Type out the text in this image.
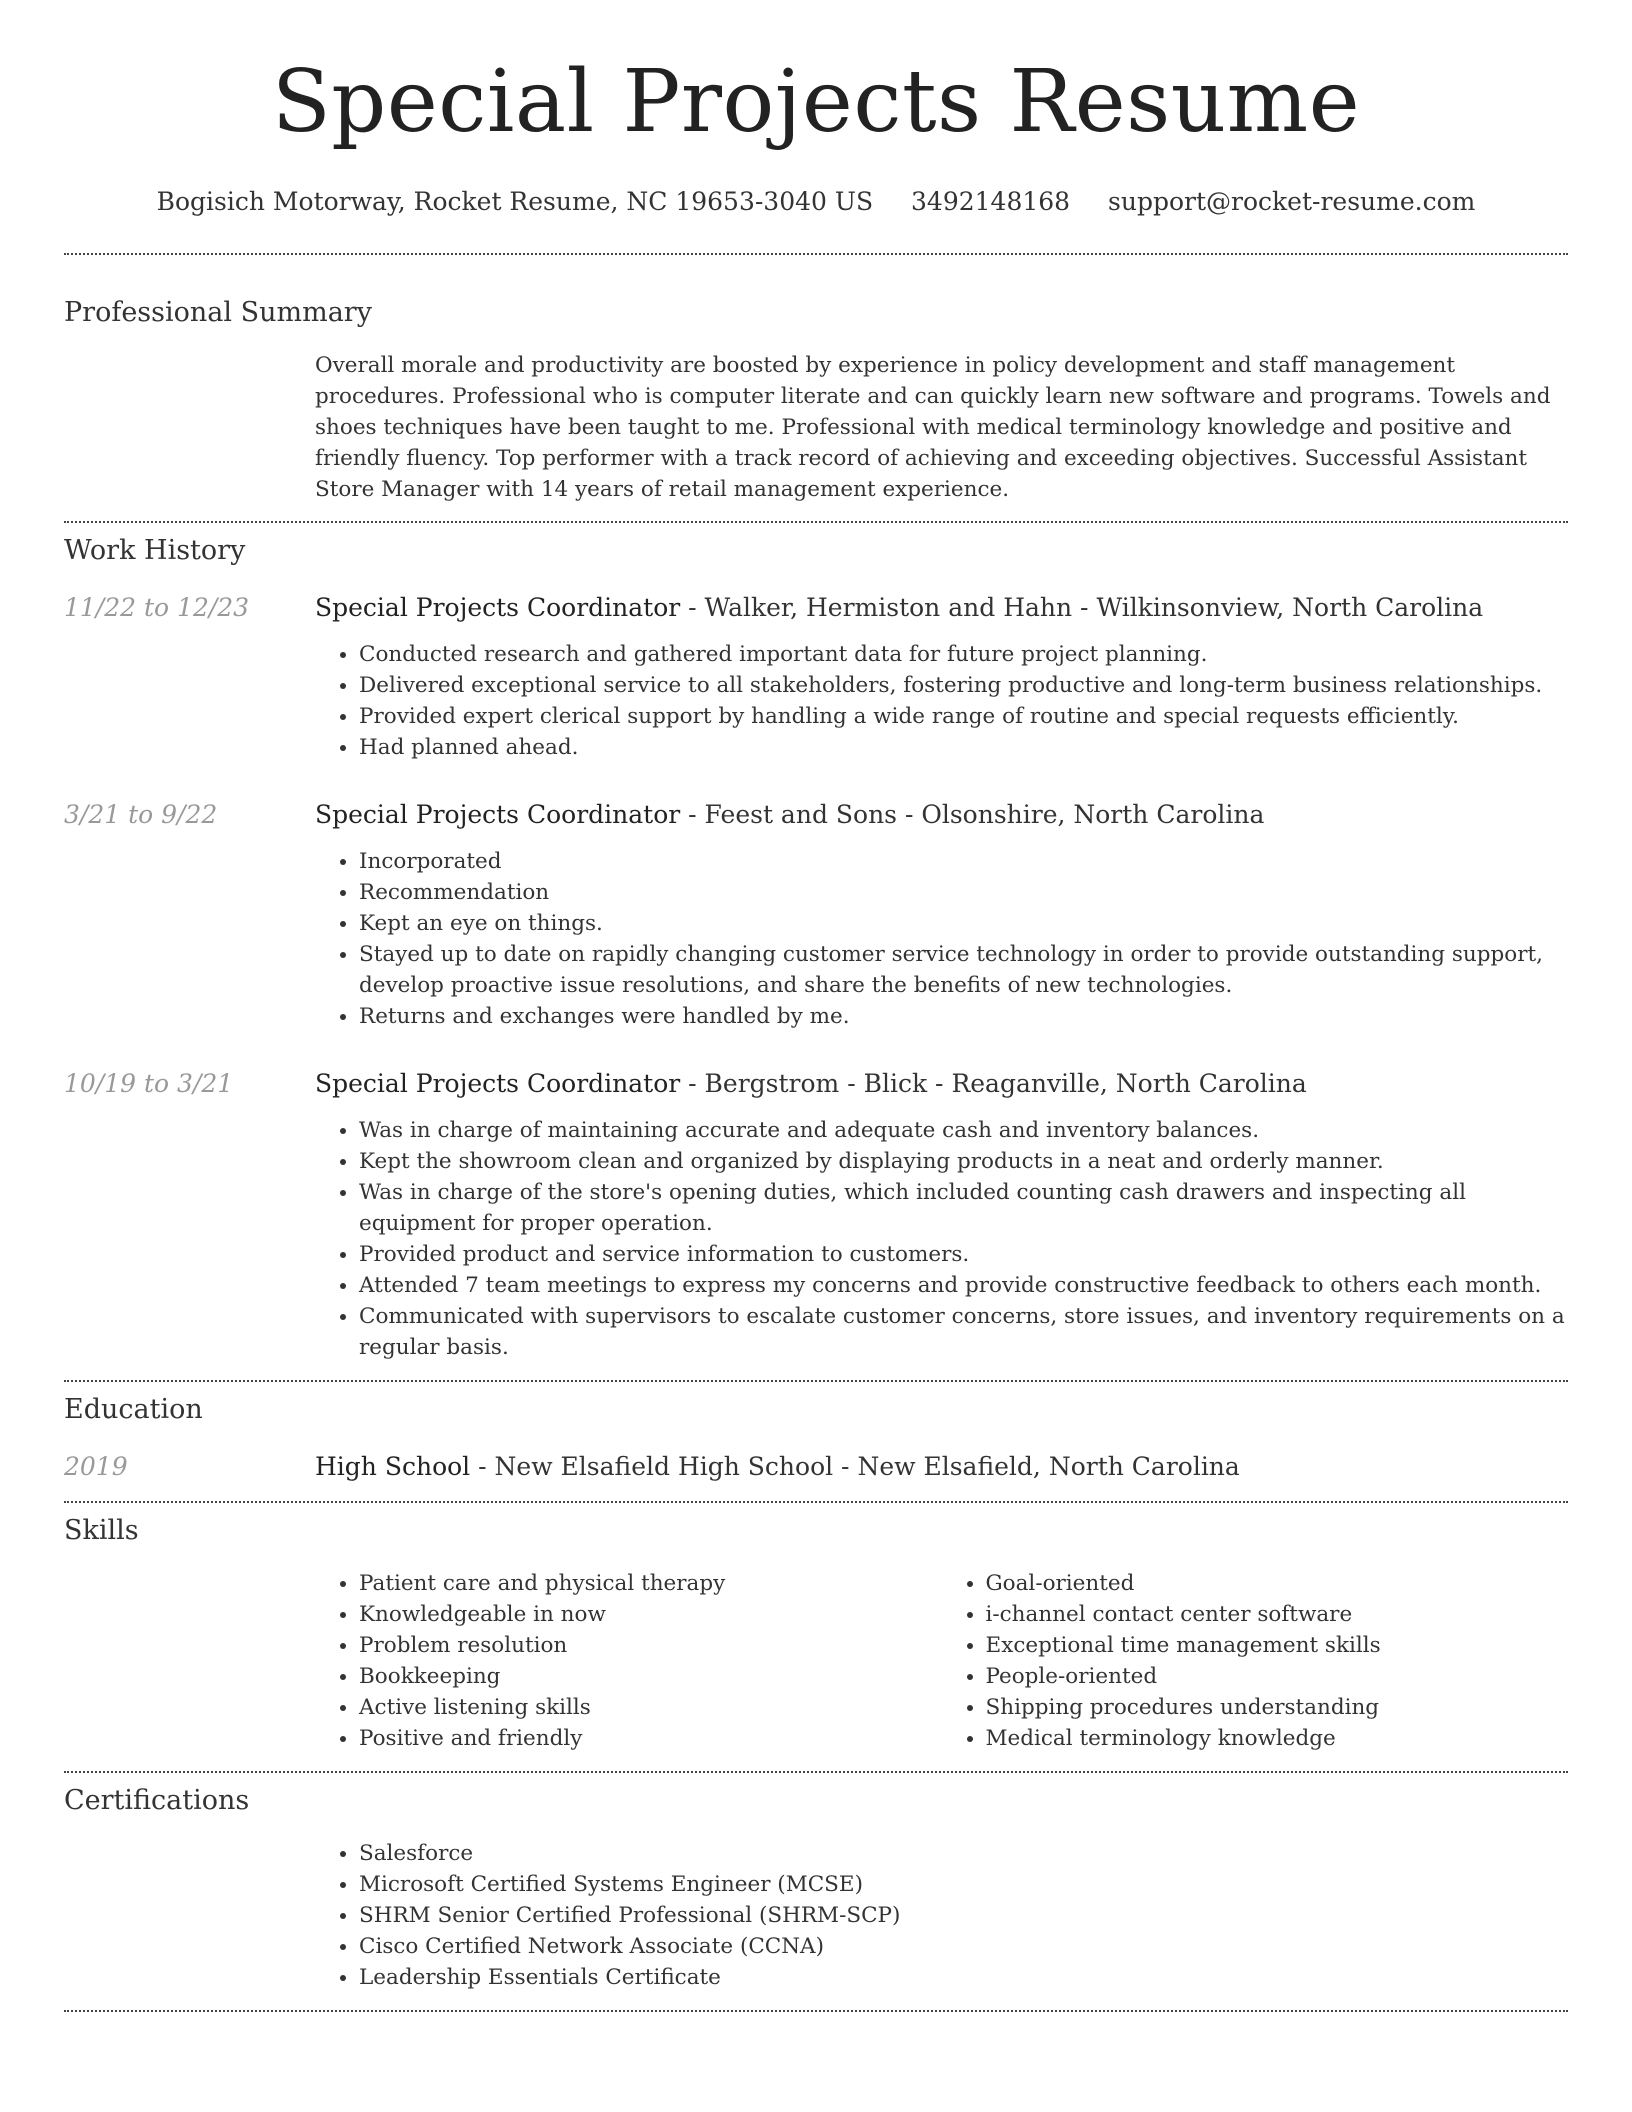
Special Projects Resume
Bogisich Motorway, Rocket Resume, NC 19653-3040 US 3492148168 support@rocket-resume.com
Professional Summary

Overall morale and productivity are boosted by experience in policy development and staff management procedures. Professional who is computer literate and can quickly learn new software and programs. Towels and shoes techniques have been taught to me. Professional with medical terminology knowledge and positive and friendly fluency. Top performer with a track record of achieving and exceeding objectives. Successful Assistant Store Manager with 14 years of retail management experience.

Work History
11/22 to 12/23	Special Projects Coordinator - Walker, Hermiston and Hahn - Wilkinsonview, North Carolina
• Conducted research and gathered important data for future project planning.
• Delivered exceptional service to all stakeholders, fostering productive and long-term business relationships.
• Provided expert clerical support by handling a wide range of routine and special requests efficiently.
• Had planned ahead.
3/21 to 9/22	Special Projects Coordinator - Feest and Sons - Olsonshire, North Carolina
• Incorporated
• Recommendation
• Kept an eye on things.
• Stayed up to date on rapidly changing customer service technology in order to provide outstanding support, develop proactive issue resolutions, and share the benefits of new technologies.
• Returns and exchanges were handled by me.
10/19 to 3/21	Special Projects Coordinator - Bergstrom - Blick - Reaganville, North Carolina
• Was in charge of maintaining accurate and adequate cash and inventory balances.
• Kept the showroom clean and organized by displaying products in a neat and orderly manner.
• Was in charge of the store's opening duties, which included counting cash drawers and inspecting all equipment for proper operation.
• Provided product and service information to customers.
• Attended 7 team meetings to express my concerns and provide constructive feedback to others each month.
• Communicated with supervisors to escalate customer concerns, store issues, and inventory requirements on a regular basis.
Education
2019	High School - New Elsafield High School - New Elsafield, North Carolina
Skills
• Patient care and physical therapy
• Knowledgeable in now
• Problem resolution
• Bookkeeping
• Active listening skills
• Positive and friendly
• Goal-oriented
• i-channel contact center software
• Exceptional time management skills
• People-oriented
• Shipping procedures understanding
• Medical terminology knowledge
Certifications
• Salesforce
• Microsoft Certified Systems Engineer (MCSE)
• SHRM Senior Certified Professional (SHRM-SCP)
• Cisco Certified Network Associate (CCNA)
• Leadership Essentials Certificate
